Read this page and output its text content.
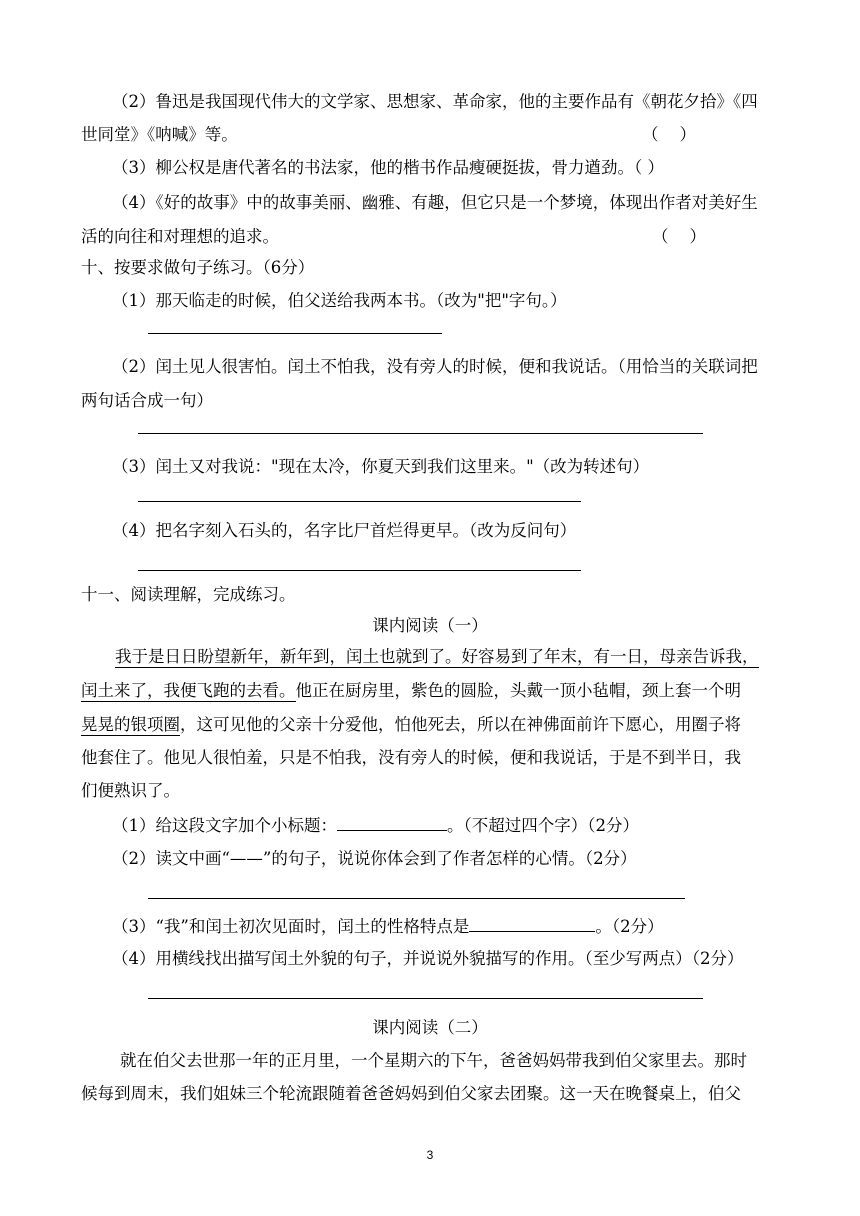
（2）鲁迅是我国现代伟大的文学家、思想家、革命家，他的主要作品有《朝花夕拾》《四
世同堂》《呐喊》等。	（    ）
（3）柳公权是唐代著名的书法家，他的楷书作品瘦硬挺拔，骨力遒劲。（ ）
（4）《好的故事》中的故事美丽、幽雅、有趣，但它只是一个梦境，体现出作者对美好生
活的向往和对理想的追求。	（    ）
十、按要求做句子练习。（6分）
（1）那天临走的时候，伯父送给我两本书。（改为"把"字句。）
（2）闰土见人很害怕。闰土不怕我，没有旁人的时候，便和我说话。（用恰当的关联词把
两句话合成一句）
（3）闰土又对我说："现在太冷，你夏天到我们这里来。"（改为转述句）
（4）把名字刻入石头的，名字比尸首烂得更早。（改为反问句）
十一、阅读理解，完成练习。
课内阅读（一）
我于是日日盼望新年，新年到，闰土也就到了。好容易到了年末，有一日，母亲告诉我，
闰土来了，我便飞跑的去看。他正在厨房里，紫色的圆脸，头戴一顶小毡帽，颈上套一个明
晃晃的银项圈，这可见他的父亲十分爱他，怕他死去，所以在神佛面前许下愿心，用圈子将
他套住了。他见人很怕羞，只是不怕我，没有旁人的时候，便和我说话，于是不到半日，我
们便熟识了。
（1）给这段文字加个小标题：	。（不超过四个字）（2分）
（2）读文中画“——”的句子，说说你体会到了作者怎样的心情。（2分）
（3）“我”和闰土初次见面时，闰土的性格特点是	。（2分）
（4）用横线找出描写闰土外貌的句子，并说说外貌描写的作用。（至少写两点）（2分）
课内阅读（二）
就在伯父去世那一年的正月里，一个星期六的下午，爸爸妈妈带我到伯父家里去。那时
候每到周末，我们姐妹三个轮流跟随着爸爸妈妈到伯父家去团聚。这一天在晚餐桌上，伯父
3
